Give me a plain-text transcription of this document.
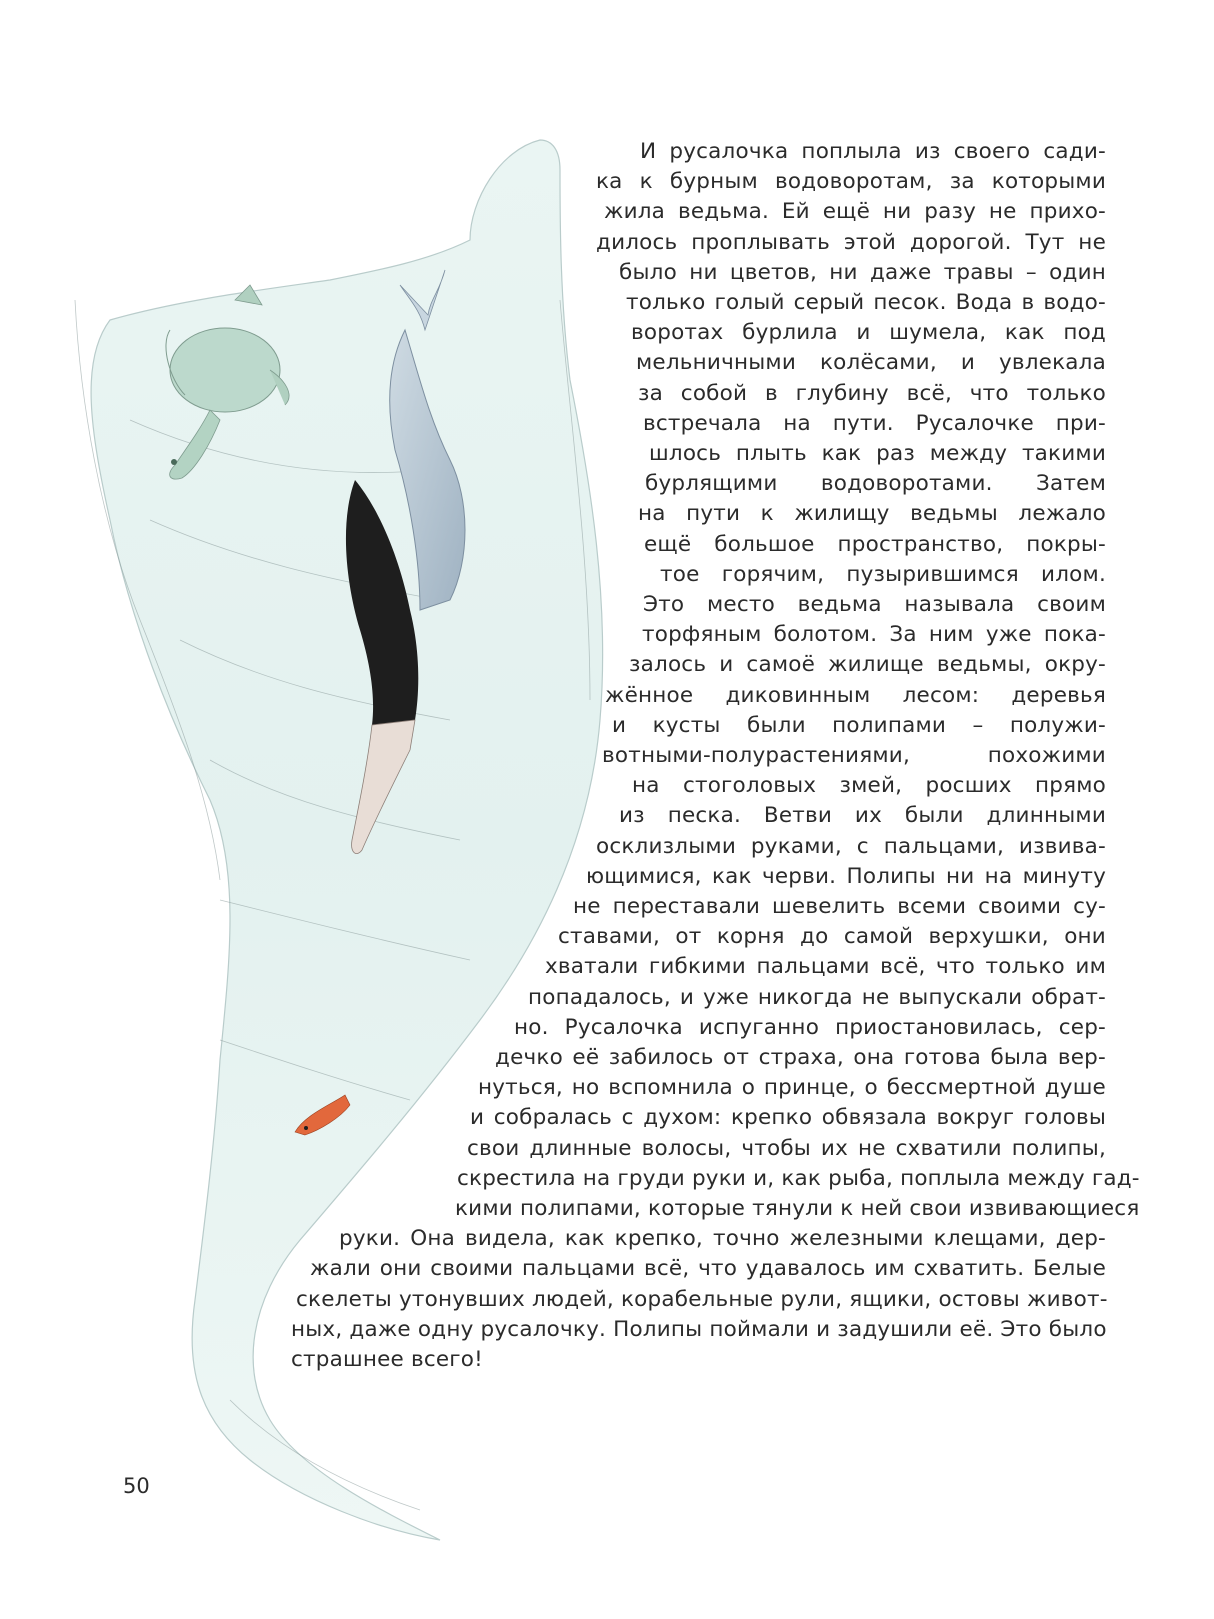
И русалочка поплыла из своего сади-
ка к бурным водоворотам, за которыми
жила ведьма. Ей ещё ни разу не прихо-
дилось проплывать этой дорогой. Тут не
было ни цветов, ни даже травы – один
только голый серый песок. Вода в водо-
воротах бурлила и шумела, как под
мельничными колёсами, и увлекала
за собой в глубину всё, что только
встречала на пути. Русалочке при-
шлось плыть как раз между такими
бурлящими водоворотами. Затем
на пути к жилищу ведьмы лежало
ещё большое пространство, покры-
тое горячим, пузырившимся илом.
Это место ведьма называла своим
торфяным болотом. За ним уже пока-
залось и самоё жилище ведьмы, окру-
жённое диковинным лесом: деревья
и кусты были полипами – полужи-
вотными-полурастениями, похожими
на стоголовых змей, росших прямо
из песка. Ветви их были длинными
осклизлыми руками, с пальцами, извива-
ющимися, как черви. Полипы ни на минуту
не переставали шевелить всеми своими су-
ставами, от корня до самой верхушки, они
хватали гибкими пальцами всё, что только им
попадалось, и уже никогда не выпускали обрат-
но. Русалочка испуганно приостановилась, сер-
дечко её забилось от страха, она готова была вер-
нуться, но вспомнила о принце, о бессмертной душе
и собралась с духом: крепко обвязала вокруг головы
свои длинные волосы, чтобы их не схватили полипы,
скрестила на груди руки и, как рыба, поплыла между гад-
кими полипами, которые тянули к ней свои извивающиеся
руки. Она видела, как крепко, точно железными клещами, дер-
жали они своими пальцами всё, что удавалось им схватить. Белые
скелеты утонувших людей, корабельные рули, ящики, остовы живот-
ных, даже одну русалочку. Полипы поймали и задушили её. Это было
страшнее всего!
50
